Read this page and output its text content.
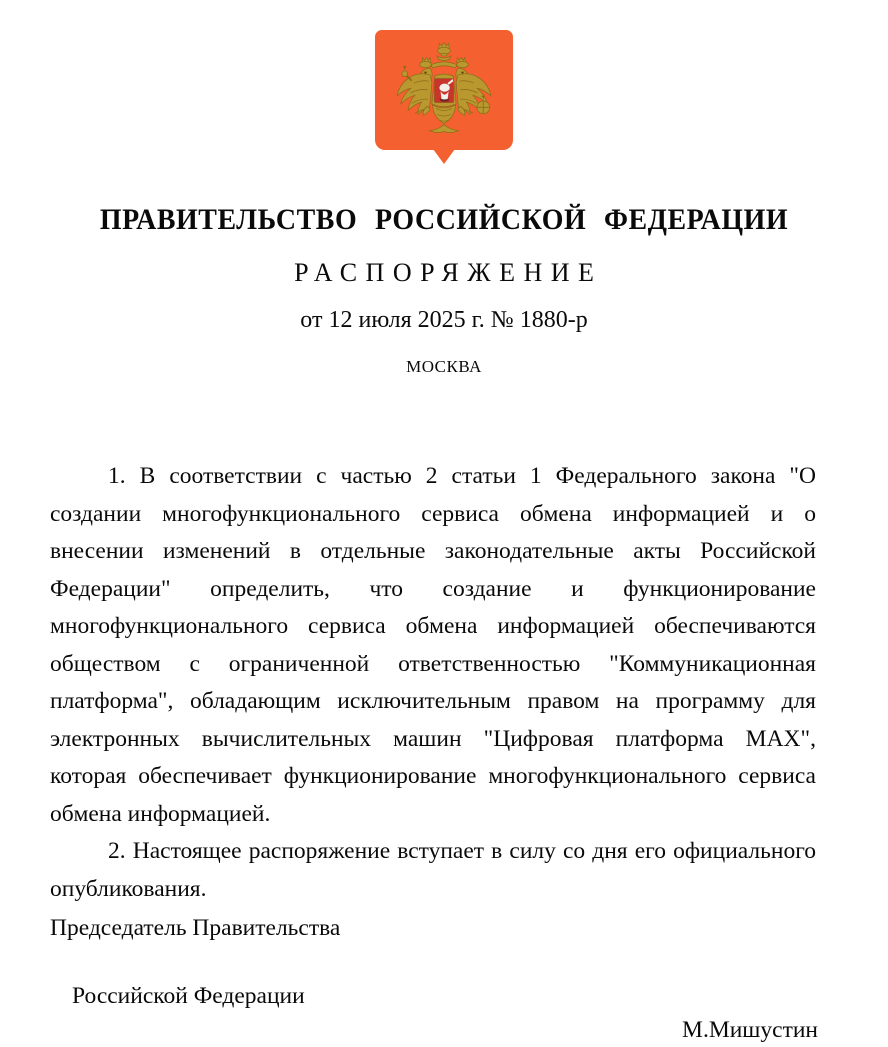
ПРАВИТЕЛЬСТВО РОССИЙСКОЙ ФЕДЕРАЦИИ
РАСПОРЯЖЕНИЕ
от 12 июля 2025 г. № 1880-р
МОСКВА

1. В соответствии с частью 2 статьи 1 Федерального закона "О создании многофункционального сервиса обмена информацией и о внесении изменений в отдельные законодательные акты Российской Федерации" определить, что создание и функционирование многофункционального сервиса обмена информацией обеспечиваются обществом с ограниченной ответственностью "Коммуникационная платформа", обладающим исключительным правом на программу для электронных вычислительных машин "Цифровая платформа MAX", которая обеспечивает функционирование многофункционального сервиса обмена информацией.

2. Настоящее распоряжение вступает в силу со дня его официального опубликования.

Председатель Правительства

Российской Федерации

М.Мишустин
